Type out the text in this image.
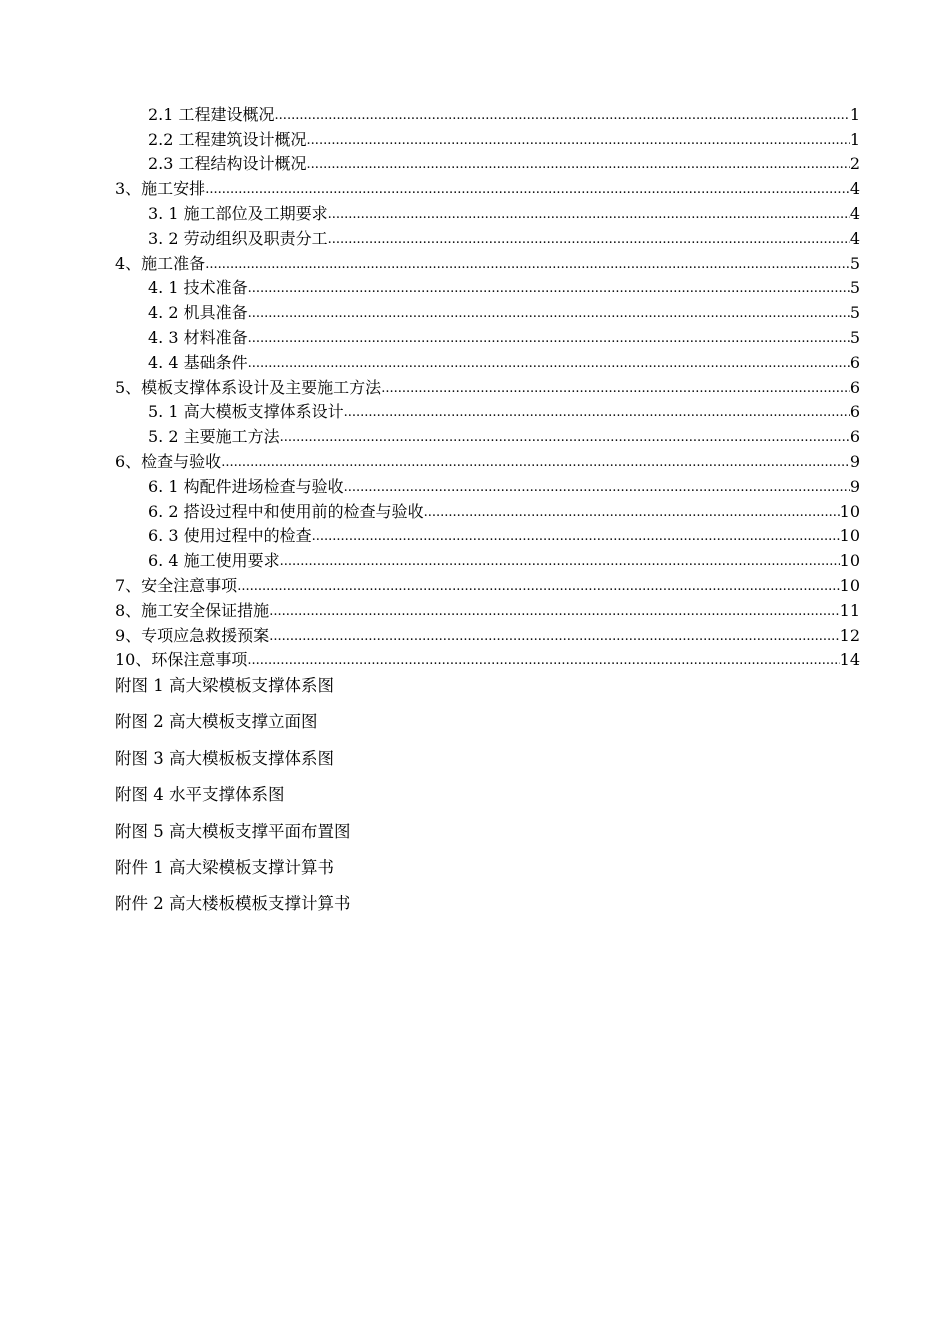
2.1 工程建设概况 .....	1
2.2 工程建筑设计概况 .....	1
2.3 工程结构设计概况 .....	2
3、施工安排 .....	4
3. 1 施工部位及工期要求 .....	4
3. 2 劳动组织及职责分工 .....	4
4、施工准备 .....	5
4. 1 技术准备 .....	5
4. 2 机具准备 .....	5
4. 3 材料准备 .....	5
4. 4 基础条件 .....	6
5、模板支撑体系设计及主要施工方法 .....	6
5. 1 高大模板支撑体系设计 .....	6
5. 2 主要施工方法 .....	6
6、检查与验收 .....	9
6. 1 构配件进场检查与验收 .....	9
6. 2 搭设过程中和使用前的检查与验收 .....	10
6. 3 使用过程中的检查 .....	10
6. 4 施工使用要求 .....	10
7、安全注意事项 .....	10
8、施工安全保证措施 .....	11
9、专项应急救援预案 .....	12
10、环保注意事项 .....	14
附图 1 高大梁模板支撑体系图
附图 2 高大模板支撑立面图
附图 3 高大模板板支撑体系图
附图 4 水平支撑体系图
附图 5 高大模板支撑平面布置图
附件 1 高大梁模板支撑计算书
附件 2 高大楼板模板支撑计算书
